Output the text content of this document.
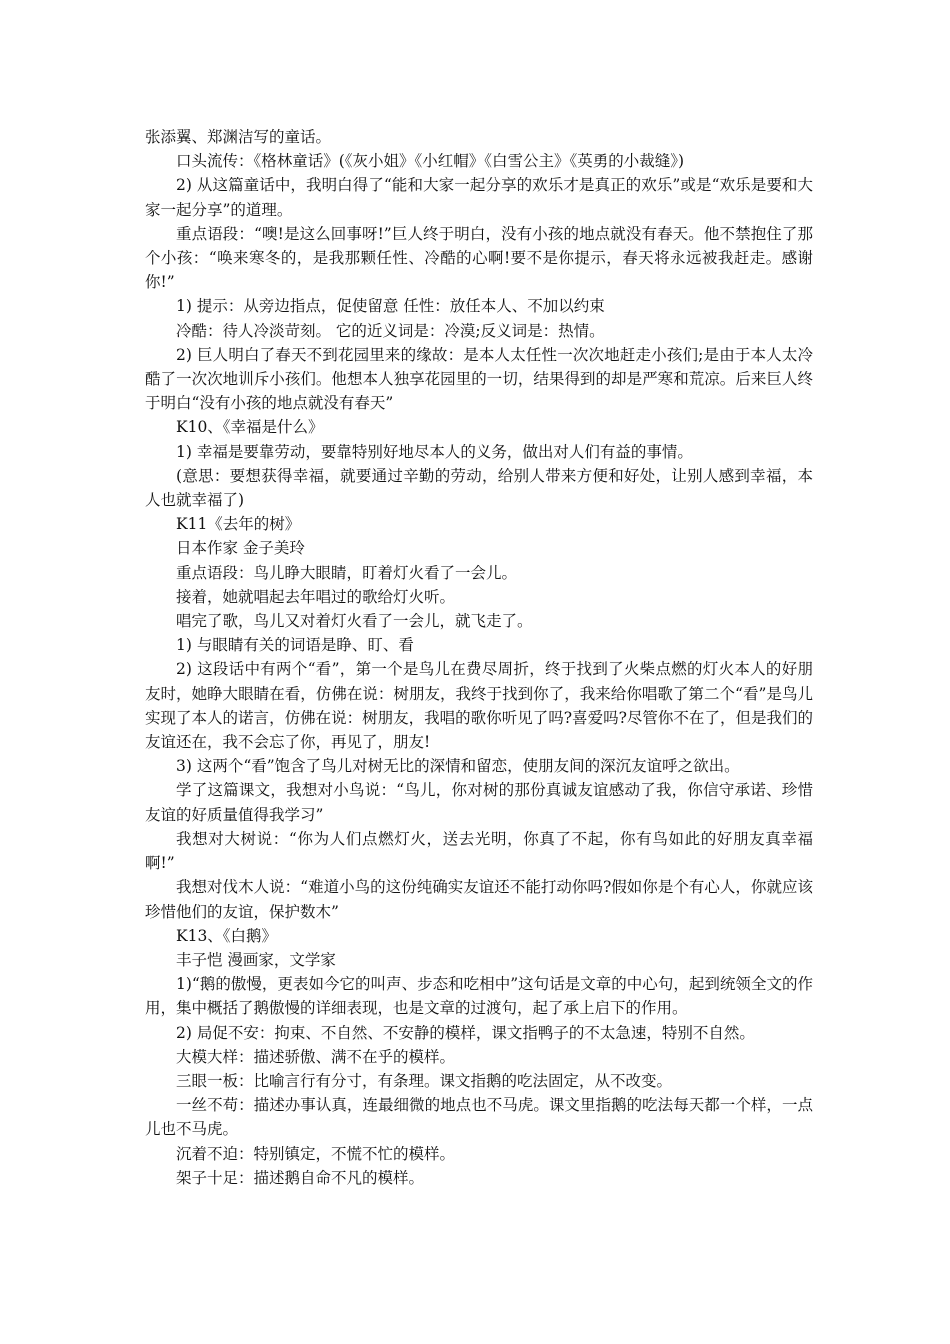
张添翼、郑渊洁写的童话。

口头流传：《格林童话》(《灰小姐》《小红帽》《白雪公主》《英勇的小裁缝》)

2) 从这篇童话中，我明白得了“能和大家一起分享的欢乐才是真正的欢乐”或是“欢乐是要和大家一起分享”的道理。

重点语段：“噢!是这么回事呀!”巨人终于明白，没有小孩的地点就没有春天。他不禁抱住了那个小孩：“唤来寒冬的，是我那颗任性、冷酷的心啊!要不是你提示，春天将永远被我赶走。感谢你!”

1) 提示：从旁边指点，促使留意 任性：放任本人、不加以约束

冷酷：待人冷淡苛刻。 它的近义词是：冷漠;反义词是：热情。

2) 巨人明白了春天不到花园里来的缘故：是本人太任性一次次地赶走小孩们;是由于本人太冷酷了一次次地训斥小孩们。他想本人独享花园里的一切，结果得到的却是严寒和荒凉。后来巨人终于明白“没有小孩的地点就没有春天”

K10、《幸福是什么》

1) 幸福是要靠劳动，要靠特别好地尽本人的义务，做出对人们有益的事情。

(意思：要想获得幸福，就要通过辛勤的劳动，给别人带来方便和好处，让别人感到幸福，本人也就幸福了)

K11《去年的树》

日本作家 金子美玲

重点语段：鸟儿睁大眼睛，盯着灯火看了一会儿。

接着，她就唱起去年唱过的歌给灯火听。

唱完了歌，鸟儿又对着灯火看了一会儿，就飞走了。

1) 与眼睛有关的词语是睁、盯、看

2) 这段话中有两个“看”，第一个是鸟儿在费尽周折，终于找到了火柴点燃的灯火本人的好朋友时，她睁大眼睛在看，仿佛在说：树朋友，我终于找到你了，我来给你唱歌了第二个“看”是鸟儿实现了本人的诺言，仿佛在说：树朋友，我唱的歌你听见了吗?喜爱吗?尽管你不在了，但是我们的友谊还在，我不会忘了你，再见了，朋友!

3) 这两个“看”饱含了鸟儿对树无比的深情和留恋，使朋友间的深沉友谊呼之欲出。

学了这篇课文，我想对小鸟说：“鸟儿，你对树的那份真诚友谊感动了我，你信守承诺、珍惜友谊的好质量值得我学习”

我想对大树说：“你为人们点燃灯火，送去光明，你真了不起，你有鸟如此的好朋友真幸福啊!”

我想对伐木人说：“难道小鸟的这份纯确实友谊还不能打动你吗?假如你是个有心人，你就应该珍惜他们的友谊，保护数木”

K13、《白鹅》

丰子恺 漫画家，文学家

1)“鹅的傲慢，更表如今它的叫声、步态和吃相中”这句话是文章的中心句，起到统领全文的作用，集中概括了鹅傲慢的详细表现，也是文章的过渡句，起了承上启下的作用。

2) 局促不安：拘束、不自然、不安静的模样，课文指鸭子的不太急速，特别不自然。

大模大样：描述骄傲、满不在乎的模样。

三眼一板：比喻言行有分寸，有条理。课文指鹅的吃法固定，从不改变。

一丝不苟：描述办事认真，连最细微的地点也不马虎。课文里指鹅的吃法每天都一个样，一点儿也不马虎。

沉着不迫：特别镇定，不慌不忙的模样。

架子十足：描述鹅自命不凡的模样。
